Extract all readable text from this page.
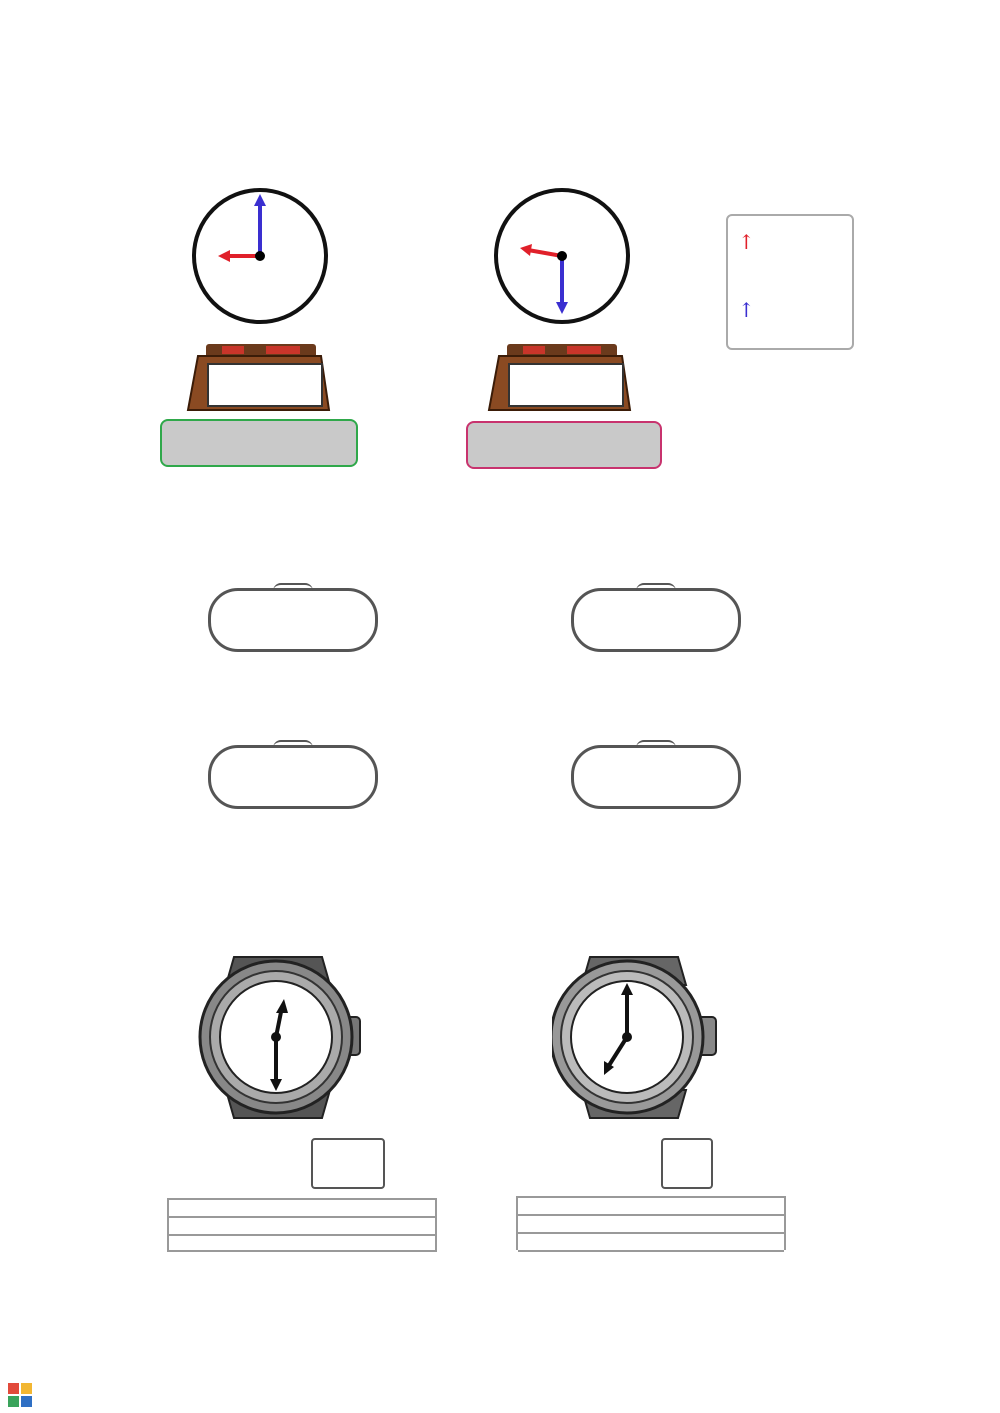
↑
↑
